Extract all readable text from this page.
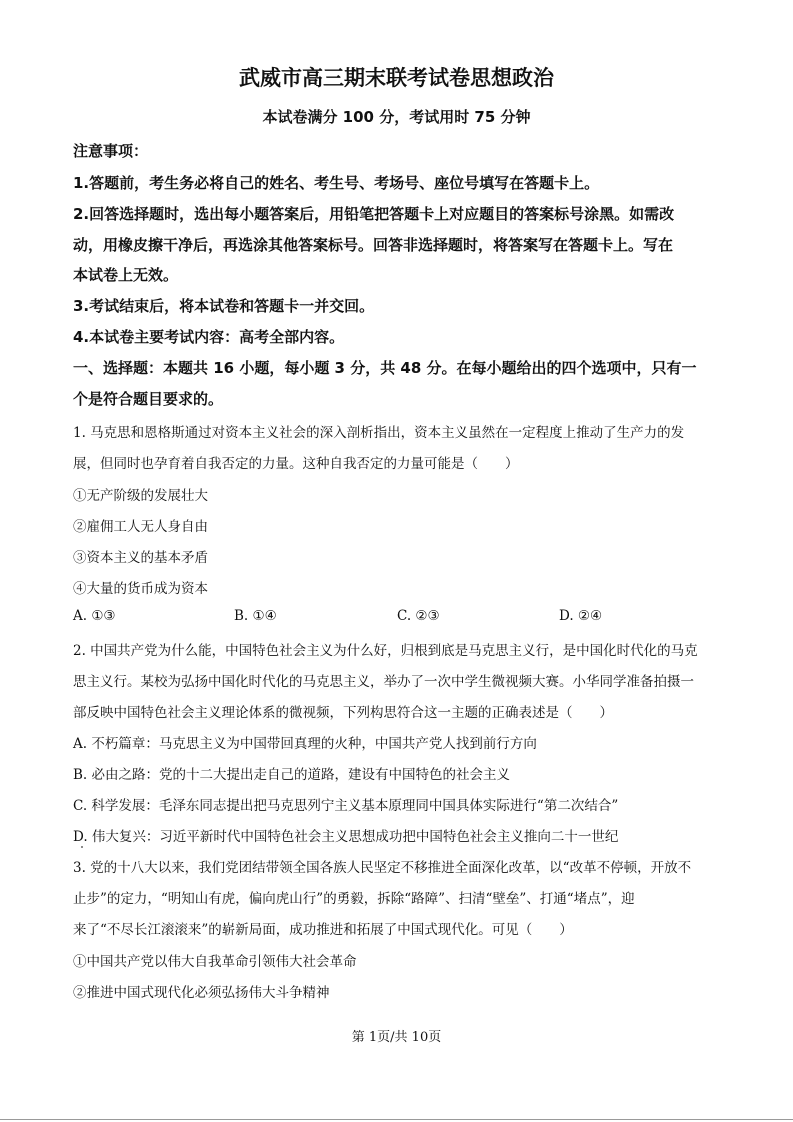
武威市高三期末联考试卷思想政治
本试卷满分 100 分，考试用时 75 分钟
注意事项：
1.答题前，考生务必将自己的姓名、考生号、考场号、座位号填写在答题卡上。
2.回答选择题时，选出每小题答案后，用铅笔把答题卡上对应题目的答案标号涂黑。如需改
动，用橡皮擦干净后，再选涂其他答案标号。回答非选择题时，将答案写在答题卡上。写在
本试卷上无效。
3.考试结束后，将本试卷和答题卡一并交回。
4.本试卷主要考试内容：高考全部内容。
一、选择题：本题共 16 小题，每小题 3 分，共 48 分。在每小题给出的四个选项中，只有一
个是符合题目要求的。
1. 马克思和恩格斯通过对资本主义社会的深入剖析指出，资本主义虽然在一定程度上推动了生产力的发
展，但同时也孕育着自我否定的力量。这种自我否定的力量可能是（　　）
①无产阶级的发展壮大
②雇佣工人无人身自由
③资本主义的基本矛盾
④大量的货币成为资本
A. ①③	B. ①④	C. ②③	D. ②④
2. 中国共产党为什么能，中国特色社会主义为什么好，归根到底是马克思主义行，是中国化时代化的马克
思主义行。某校为弘扬中国化时代化的马克思主义，举办了一次中学生微视频大赛。小华同学准备拍摄一
部反映中国特色社会主义理论体系的微视频，下列构思符合这一主题的正确表述是（　　）
A. 不朽篇章：马克思主义为中国带回真理的火种，中国共产党人找到前行方向
B. 必由之路：党的十二大提出走自己的道路，建设有中国特色的社会主义
C. 科学发展：毛泽东同志提出把马克思列宁主义基本原理同中国具体实际进行“第二次结合”
D. 伟大复兴：习近平新时代中国特色社会主义思想成功把中国特色社会主义推向二十一世纪
3. 党的十八大以来，我们党团结带领全国各族人民坚定不移推进全面深化改革，以“改革不停顿，开放不
止步”的定力，“明知山有虎，偏向虎山行”的勇毅，拆除“路障”、扫清“壁垒”、打通“堵点”，迎
来了“不尽长江滚滚来”的崭新局面，成功推进和拓展了中国式现代化。可见（　　）
①中国共产党以伟大自我革命引领伟大社会革命
②推进中国式现代化必须弘扬伟大斗争精神
第 1页/共 10页
